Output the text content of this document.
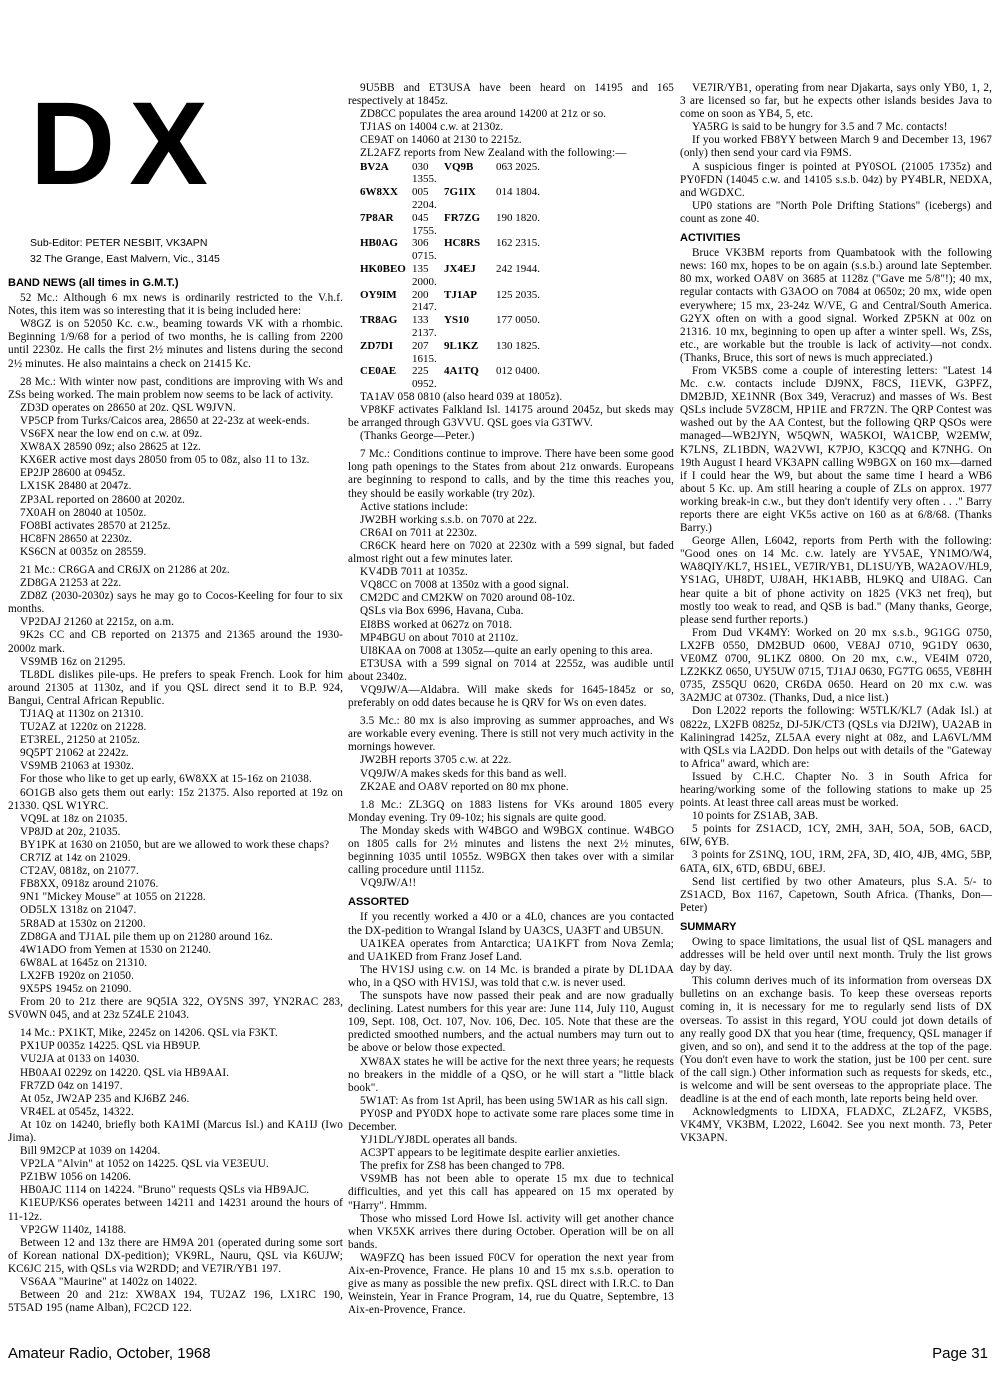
DX
Sub-Editor: PETER NESBIT, VK3APN
32 The Grange, East Malvern, Vic., 3145
BAND NEWS (all times in G.M.T.)

52 Mc.: Although 6 mx news is ordinarily restricted to the V.h.f. Notes, this item was so interesting that it is being included here:

W8GZ is on 52050 Kc. c.w., beaming towards VK with a rhombic. Beginning 1/9/68 for a period of two months, he is calling from 2200 until 2230z. He calls the first 2½ minutes and listens during the second 2½ minutes. He also maintains a check on 21415 Kc.

28 Mc.: With winter now past, conditions are improving with Ws and ZSs being worked. The main problem now seems to be lack of activity.

ZD3D operates on 28650 at 20z. QSL W9JVN.

VP5CP from Turks/Caicos area, 28650 at 22-23z at week-ends.

VS6FX near the low end on c.w. at 09z.

XW8AX 28590 09z; also 28625 at 12z.

KX6ER active most days 28050 from 05 to 08z, also 11 to 13z.

EP2JP 28600 at 0945z.

LX1SK 28480 at 2047z.

ZP3AL reported on 28600 at 2020z.

7X0AH on 28040 at 1050z.

FO8BI activates 28570 at 2125z.

HC8FN 28650 at 2230z.

KS6CN at 0035z on 28559.

21 Mc.: CR6GA and CR6JX on 21286 at 20z.

ZD8GA 21253 at 22z.

ZD8Z (2030-2030z) says he may go to Cocos-Keeling for four to six months.

VP2DAJ 21260 at 2215z, on a.m.

9K2s CC and CB reported on 21375 and 21365 around the 1930-2000z mark.

VS9MB 16z on 21295.

TL8DL dislikes pile-ups. He prefers to speak French. Look for him around 21305 at 1130z, and if you QSL direct send it to B.P. 924, Bangui, Central African Republic.

TJ1AQ at 1130z on 21310.

TU2AZ at 1220z on 21228.

ET3REL, 21250 at 2105z.

9Q5PT 21062 at 2242z.

VS9MB 21063 at 1930z.

For those who like to get up early, 6W8XX at 15-16z on 21038.

6O1GB also gets them out early: 15z 21375. Also reported at 19z on 21330. QSL W1YRC.

VQ9L at 18z on 21035.

VP8JD at 20z, 21035.

BY1PK at 1630 on 21050, but are we allowed to work these chaps?

CR7IZ at 14z on 21029.

CT2AV, 0818z, on 21077.

FB8XX, 0918z around 21076.

9N1 "Mickey Mouse" at 1055 on 21228.

OD5LX 1318z on 21047.

5R8AD at 1530z on 21200.

ZD8GA and TJ1AL pile them up on 21280 around 16z.

4W1ADO from Yemen at 1530 on 21240.

6W8AL at 1645z on 21310.

LX2FB 1920z on 21050.

9X5PS 1945z on 21090.

From 20 to 21z there are 9Q5IA 322, OY5NS 397, YN2RAC 283, SV0WN 045, and at 23z 5Z4LE 21043.

14 Mc.: PX1KT, Mike, 2245z on 14206. QSL via F3KT.

PX1UP 0035z 14225. QSL via HB9UP.

VU2JA at 0133 on 14030.

HB0AAI 0229z on 14220. QSL via HB9AAI.

FR7ZD 04z on 14197.

At 05z, JW2AP 235 and KJ6BZ 246.

VR4EL at 0545z, 14322.

At 10z on 14240, briefly both KA1MI (Marcus Isl.) and KA1IJ (Iwo Jima).

Bill 9M2CP at 1039 on 14204.

VP2LA "Alvin" at 1052 on 14225. QSL via VE3EUU.

PZ1BW 1056 on 14206.

HB0AJC 1114 on 14224. "Bruno" requests QSLs via HB9AJC.

K1EUP/KS6 operates between 14211 and 14231 around the hours of 11-12z.

VP2GW 1140z, 14188.

Between 12 and 13z there are HM9A 201 (operated during some sort of Korean national DX-pedition); VK9RL, Nauru, QSL via K6UJW; KC6JC 215, with QSLs via W2RDD; and VE7IR/YB1 197.

VS6AA "Maurine" at 1402z on 14022.

Between 20 and 21z: XW8AX 194, TU2AZ 196, LX1RC 190, 5T5AD 195 (name Alban), FC2CD 122.

9U5BB and ET3USA have been heard on 14195 and 165 respectively at 1845z.

ZD8CC populates the area around 14200 at 21z or so.

TJ1AS on 14004 c.w. at 2130z.

CE9AT on 14060 at 2130 to 2215z.

ZL2AFZ reports from New Zealand with the following:—

BV2A	030 1355.	VQ9B	063 2025.
6W8XX	005 2204.	7G1IX	014 1804.
7P8AR	045 1755.	FR7ZG	190 1820.
HB0AG	306 0715.	HC8RS	162 2315.
HK0BEO	135 2000.	JX4EJ	242 1944.
OY9IM	200 2147.	TJ1AP	125 2035.
TR8AG	133 2137.	YS10	177 0050.
ZD7DI	207 1615.	9L1KZ	130 1825.
CE0AE	225 0952.	4A1TQ	012 0400.

TA1AV 058 0810 (also heard 039 at 1805z).

VP8KF activates Falkland Isl. 14175 around 2045z, but skeds may be arranged through G3VVU. QSL goes via G3TWV.

(Thanks George—Peter.)

7 Mc.: Conditions continue to improve. There have been some good long path openings to the States from about 21z onwards. Europeans are beginning to respond to calls, and by the time this reaches you, they should be easily workable (try 20z).

Active stations include:

JW2BH working s.s.b. on 7070 at 22z.

CR6AI on 7011 at 2230z.

CR6CK heard here on 7020 at 2230z with a 599 signal, but faded almost right out a few minutes later.

KV4DB 7011 at 1035z.

VQ8CC on 7008 at 1350z with a good signal.

CM2DC and CM2KW on 7020 around 08-10z.

QSLs via Box 6996, Havana, Cuba.

EI8BS worked at 0627z on 7018.

MP4BGU on about 7010 at 2110z.

UI8KAA on 7008 at 1305z—quite an early opening to this area.

ET3USA with a 599 signal on 7014 at 2255z, was audible until about 2340z.

VQ9JW/A—Aldabra. Will make skeds for 1645-1845z or so, preferably on odd dates because he is QRV for Ws on even dates.

3.5 Mc.: 80 mx is also improving as summer approaches, and Ws are workable every evening. There is still not very much activity in the mornings however.

JW2BH reports 3705 c.w. at 22z.

VQ9JW/A makes skeds for this band as well.

ZK2AE and OA8V reported on 80 mx phone.

1.8 Mc.: ZL3GQ on 1883 listens for VKs around 1805 every Monday evening. Try 09-10z; his signals are quite good.

The Monday skeds with W4BGO and W9BGX continue. W4BGO on 1805 calls for 2½ minutes and listens the next 2½ minutes, beginning 1035 until 1055z. W9BGX then takes over with a similar calling procedure until 1115z.

VQ9JW/A!!

ASSORTED

If you recently worked a 4J0 or a 4L0, chances are you contacted the DX-pedition to Wrangal Island by UA3CS, UA3FT and UB5UN.

UA1KEA operates from Antarctica; UA1KFT from Nova Zemla; and UA1KED from Franz Josef Land.

The HV1SJ using c.w. on 14 Mc. is branded a pirate by DL1DAA who, in a QSO with HV1SJ, was told that c.w. is never used.

The sunspots have now passed their peak and are now gradually declining. Latest numbers for this year are: June 114, July 110, August 109, Sept. 108, Oct. 107, Nov. 106, Dec. 105. Note that these are the predicted smoothed numbers, and the actual numbers may turn out to be above or below those expected.

XW8AX states he will be active for the next three years; he requests no breakers in the middle of a QSO, or he will start a "little black book".

5W1AT: As from 1st April, has been using 5W1AR as his call sign.

PY0SP and PY0DX hope to activate some rare places some time in December.

YJ1DL/YJ8DL operates all bands.

AC3PT appears to be legitimate despite earlier anxieties.

The prefix for ZS8 has been changed to 7P8.

VS9MB has not been able to operate 15 mx due to technical difficulties, and yet this call has appeared on 15 mx operated by "Harry". Hmmm.

Those who missed Lord Howe Isl. activity will get another chance when VK5XK arrives there during October. Operation will be on all bands.

WA9FZQ has been issued F0CV for operation the next year from Aix-en-Provence, France. He plans 10 and 15 mx s.s.b. operation to give as many as possible the new prefix. QSL direct with I.R.C. to Dan Weinstein, Year in France Program, 14, rue du Quatre, Septembre, 13 Aix-en-Provence, France.

VE7IR/YB1, operating from near Djakarta, says only YB0, 1, 2, 3 are licensed so far, but he expects other islands besides Java to come on soon as YB4, 5, etc.

YA5RG is said to be hungry for 3.5 and 7 Mc. contacts!

If you worked FB8YY between March 9 and December 13, 1967 (only) then send your card via F9MS.

A suspicious finger is pointed at PY0SOL (21005 1735z) and PY0FDN (14045 c.w. and 14105 s.s.b. 04z) by PY4BLR, NEDXA, and WGDXC.

UP0 stations are "North Pole Drifting Stations" (icebergs) and count as zone 40.

ACTIVITIES

Bruce VK3BM reports from Quambatook with the following news: 160 mx, hopes to be on again (s.s.b.) around late September. 80 mx, worked OA8V on 3685 at 1128z ("Gave me 5/8"!); 40 mx, regular contacts with G3AOO on 7084 at 0650z; 20 mx, wide open everywhere; 15 mx, 23-24z W/VE, G and Central/South America. G2YX often on with a good signal. Worked ZP5KN at 00z on 21316. 10 mx, beginning to open up after a winter spell. Ws, ZSs, etc., are workable but the trouble is lack of activity—not condx. (Thanks, Bruce, this sort of news is much appreciated.)

From VK5BS come a couple of interesting letters: "Latest 14 Mc. c.w. contacts include DJ9NX, F8CS, I1EVK, G3PFZ, DM2BJD, XE1NNR (Box 349, Veracruz) and masses of Ws. Best QSLs include 5VZ8CM, HP1IE and FR7ZN. The QRP Contest was washed out by the AA Contest, but the following QRP QSOs were managed—WB2JYN, W5QWN, WA5KOI, WA1CBP, W2EMW, K7LNS, ZL1BDN, WA2VWI, K7PJO, K3CQQ and K7NHG. On 19th August I heard VK3APN calling W9BGX on 160 mx—darned if I could hear the W9, but about the same time I heard a WB6 about 5 Kc. up. Am still hearing a couple of ZLs on approx. 1977 working break-in c.w., but they don't identify very often . . ." Barry reports there are eight VK5s active on 160 as at 6/8/68. (Thanks Barry.)

George Allen, L6042, reports from Perth with the following: "Good ones on 14 Mc. c.w. lately are YV5AE, YN1MO/W4, WA8QIY/KL7, HS1EL, VE7IR/YB1, DL1SU/YB, WA2AOV/HL9, YS1AG, UH8DT, UJ8AH, HK1ABB, HL9KQ and UI8AG. Can hear quite a bit of phone activity on 1825 (VK3 net freq), but mostly too weak to read, and QSB is bad." (Many thanks, George, please send further reports.)

From Dud VK4MY: Worked on 20 mx s.s.b., 9G1GG 0750, LX2FB 0550, DM2BUD 0600, VE8AJ 0710, 9G1DY 0630, VE0MZ 0700, 9L1KZ 0800. On 20 mx, c.w., VE4IM 0720, LZ2KKZ 0650, UY5UW 0715, TJ1AJ 0630, FG7TG 0655, VE8HH 0735, ZS5QU 0620, CR6DA 0650. Heard on 20 mx c.w. was 3A2MJC at 0730z. (Thanks, Dud, a nice list.)

Don L2022 reports the following: W5TLK/KL7 (Adak Isl.) at 0822z, LX2FB 0825z, DJ-5JK/CT3 (QSLs via DJ2IW), UA2AB in Kaliningrad 1425z, ZL5AA every night at 08z, and LA6VL/MM with QSLs via LA2DD. Don helps out with details of the "Gateway to Africa" award, which are:

Issued by C.H.C. Chapter No. 3 in South Africa for hearing/working some of the following stations to make up 25 points. At least three call areas must be worked.

10 points for ZS1AB, 3AB.

5 points for ZS1ACD, 1CY, 2MH, 3AH, 5OA, 5OB, 6ACD, 6IW, 6YB.

3 points for ZS1NQ, 1OU, 1RM, 2FA, 3D, 4IO, 4JB, 4MG, 5BP, 6ATA, 6IX, 6TD, 6BDU, 6BEJ.

Send list certified by two other Amateurs, plus S.A. 5/- to ZS1ACD, Box 1167, Capetown, South Africa. (Thanks, Don—Peter)

SUMMARY

Owing to space limitations, the usual list of QSL managers and addresses will be held over until next month. Truly the list grows day by day.

This column derives much of its information from overseas DX bulletins on an exchange basis. To keep these overseas reports coming in, it is necessary for me to regularly send lists of DX overseas. To assist in this regard, YOU could jot down details of any really good DX that you hear (time, frequency, QSL manager if given, and so on), and send it to the address at the top of the page. (You don't even have to work the station, just be 100 per cent. sure of the call sign.) Other information such as requests for skeds, etc., is welcome and will be sent overseas to the appropriate place. The deadline is at the end of each month, late reports being held over.

Acknowledgments to LIDXA, FLADXC, ZL2AFZ, VK5BS, VK4MY, VK3BM, L2022, L6042. See you next month. 73, Peter VK3APN.

Amateur Radio, October, 1968	Page 31
